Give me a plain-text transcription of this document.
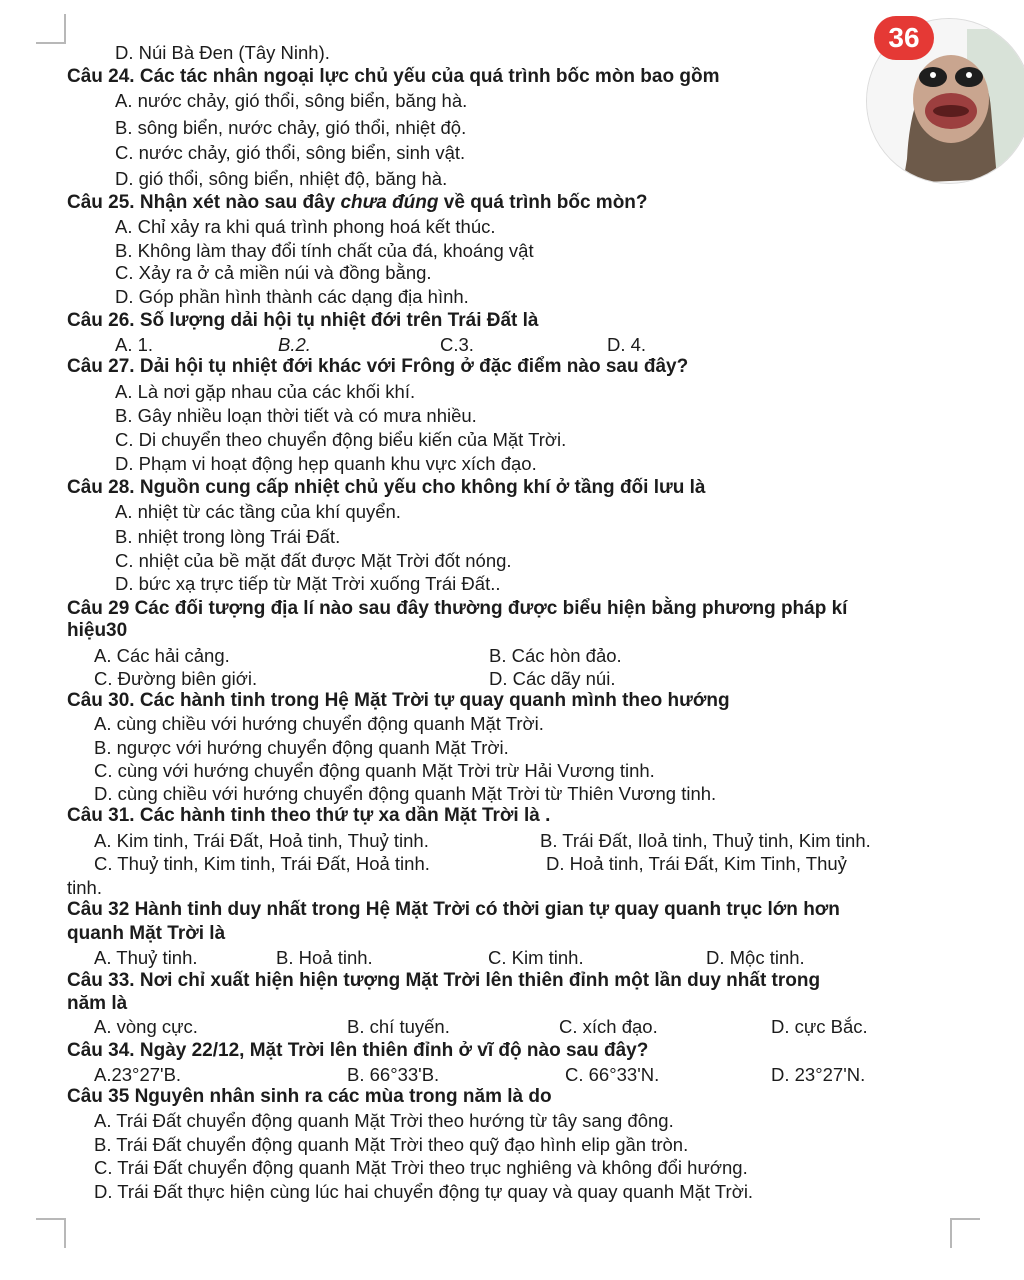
36
D. Núi Bà Đen (Tây Ninh).
Câu 24. Các tác nhân ngoại lực chủ yếu của quá trình bốc mòn bao gồm
A. nước chảy, gió thổi, sông biển, băng hà.
B. sông biển, nước chảy, gió thổi, nhiệt độ.
C. nước chảy, gió thổi, sông biển, sinh vật.
D. gió thổi, sông biển, nhiệt độ, băng hà.
Câu 25. Nhận xét nào sau đây chưa đúng về quá trình bốc mòn?
A. Chỉ xảy ra khi quá trình phong hoá kết thúc.
B. Không làm thay đổi tính chất của đá, khoáng vật
C. Xảy ra ở cả miền núi và đồng bằng.
D. Góp phần hình thành các dạng địa hình.
Câu 26. Số lượng dải hội tụ nhiệt đới trên Trái Đất là
A. 1.	B.2.	C.3.	D. 4.
Câu 27. Dải hội tụ nhiệt đới khác với Frông ở đặc điểm nào sau đây?
A. Là nơi gặp nhau của các khối khí.
B. Gây nhiều loạn thời tiết và có mưa nhiều.
C. Di chuyển theo chuyển động biểu kiến của Mặt Trời.
D. Phạm vi hoạt động hẹp quanh khu vực xích đạo.
Câu 28. Nguồn cung cấp nhiệt chủ yếu cho không khí ở tầng đối lưu là
A. nhiệt từ các tầng của khí quyển.
B. nhiệt trong lòng Trái Đất.
C. nhiệt của bề mặt đất được Mặt Trời đốt nóng.
D. bức xạ trực tiếp từ Mặt Trời xuống Trái Đất..
Câu 29 Các đối tượng địa lí nào sau đây thường được biểu hiện bằng phương pháp kí
hiệu30
A. Các hải cảng.	B. Các hòn đảo.
C. Đường biên giới.	D. Các dãy núi.
Câu 30. Các hành tinh trong Hệ Mặt Trời tự quay quanh mình theo hướng
A. cùng chiều với hướng chuyển động quanh Mặt Trời.
B. ngược với hướng chuyển động quanh Mặt Trời.
C. cùng với hướng chuyển động quanh Mặt Trời trừ Hải Vương tinh.
D. cùng chiều với hướng chuyển động quanh Mặt Trời từ Thiên Vương tinh.
Câu 31. Các hành tinh theo thứ tự xa dần Mặt Trời là .
A. Kim tinh, Trái Đất, Hoả tinh, Thuỷ tinh.	B. Trái Đất, Iloả tinh, Thuỷ tinh, Kim tinh.
C. Thuỷ tinh, Kim tinh, Trái Đất, Hoả tinh.	D. Hoả tinh, Trái Đất, Kim Tinh, Thuỷ
tinh.
Câu 32 Hành tinh duy nhất trong Hệ Mặt Trời có thời gian tự quay quanh trục lớn hơn
quanh Mặt Trời là
A. Thuỷ tinh.	B. Hoả tinh.	C. Kim tinh.	D. Mộc tinh.
Câu 33. Nơi chỉ xuất hiện hiện tượng Mặt Trời lên thiên đỉnh một lần duy nhất trong
năm là
A. vòng cực.	B. chí tuyến.	C. xích đạo.	D. cực Bắc.
Câu 34. Ngày 22/12, Mặt Trời lên thiên đỉnh ở vĩ độ nào sau đây?
A.23°27'B.	B. 66°33'B.	C. 66°33'N.	D. 23°27'N.
Câu 35 Nguyên nhân sinh ra các mùa trong năm là do
A. Trái Đất chuyển động quanh Mặt Trời theo hướng từ tây sang đông.
B. Trái Đất chuyển động quanh Mặt Trời theo quỹ đạo hình elip gần tròn.
C. Trái Đất chuyển động quanh Mặt Trời theo trục nghiêng và không đổi hướng.
D. Trái Đất thực hiện cùng lúc hai chuyển động tự quay và quay quanh Mặt Trời.
